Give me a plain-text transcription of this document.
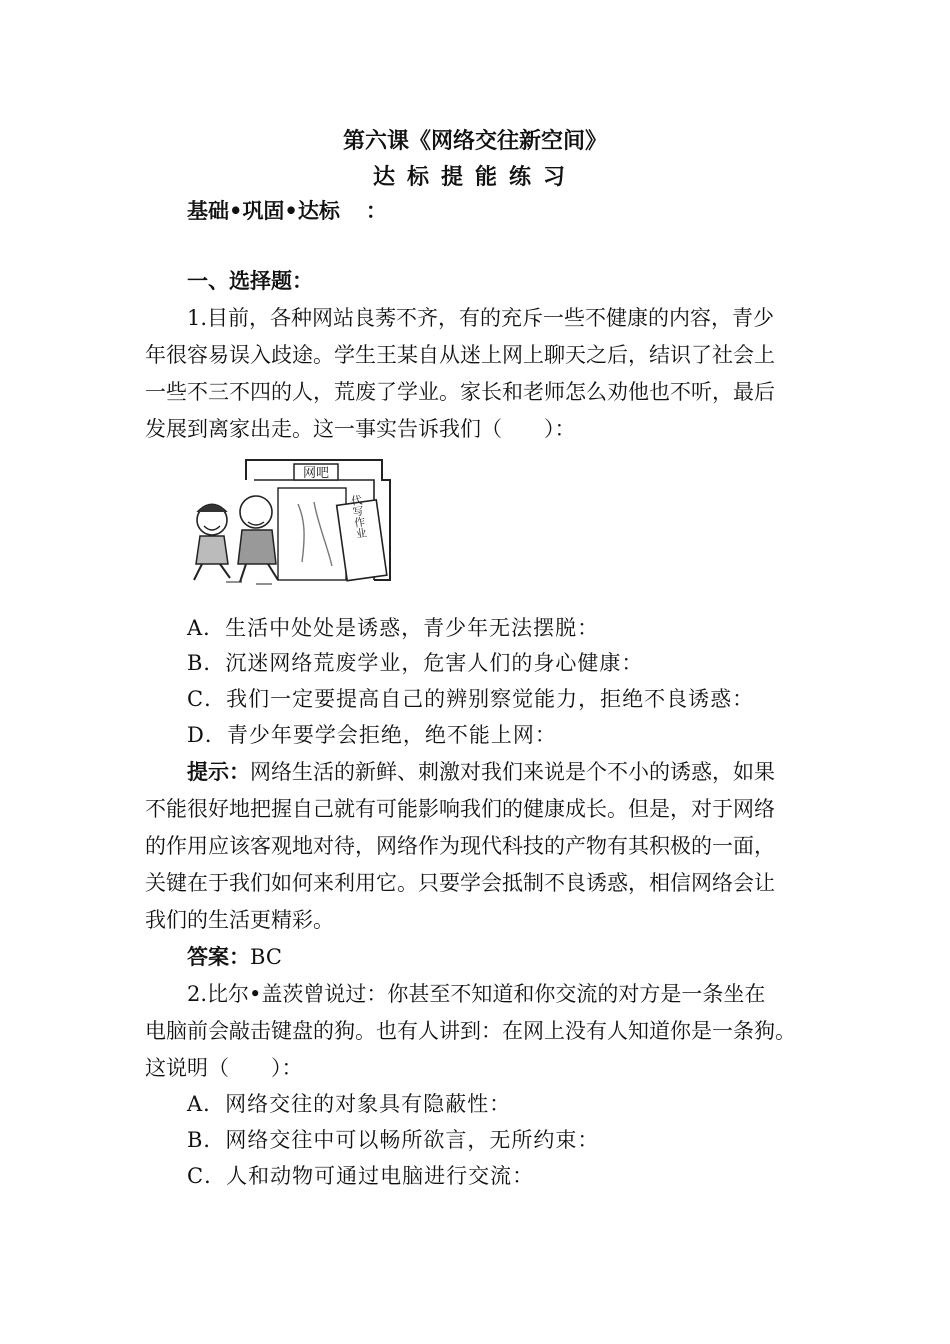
第六课《网络交往新空间》
达标提能练习
基础•巩固•达标 ：
一、选择题：
1.目前，各种网站良莠不齐，有的充斥一些不健康的内容，青少
年很容易误入歧途。学生王某自从迷上网上聊天之后，结识了社会上
一些不三不四的人，荒废了学业。家长和老师怎么劝他也不听，最后
发展到离家出走。这一事实告诉我们（　　）：
网吧
代写作业
A．生活中处处是诱惑，青少年无法摆脱：
B．沉迷网络荒废学业，危害人们的身心健康：
C．我们一定要提高自己的辨别察觉能力，拒绝不良诱惑：
D．青少年要学会拒绝，绝不能上网：
提示：网络生活的新鲜、刺激对我们来说是个不小的诱惑，如果
不能很好地把握自己就有可能影响我们的健康成长。但是，对于网络
的作用应该客观地对待，网络作为现代科技的产物有其积极的一面，
关键在于我们如何来利用它。只要学会抵制不良诱惑，相信网络会让
我们的生活更精彩。
答案：BC
2.比尔•盖茨曾说过：你甚至不知道和你交流的对方是一条坐在
电脑前会敲击键盘的狗。也有人讲到：在网上没有人知道你是一条狗。
这说明（　　）：
A．网络交往的对象具有隐蔽性：
B．网络交往中可以畅所欲言，无所约束：
C．人和动物可通过电脑进行交流：
